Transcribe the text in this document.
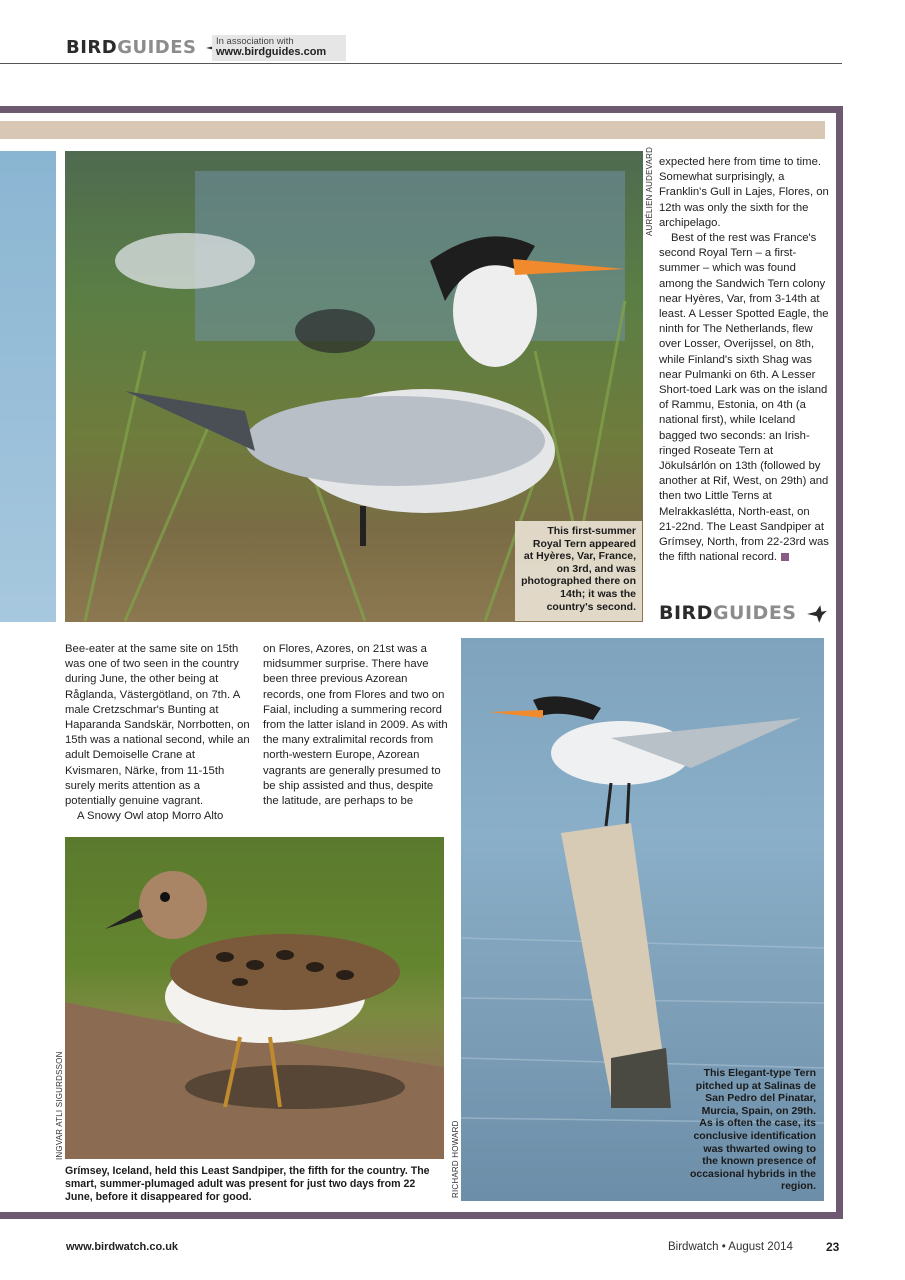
BIRDGUIDES	In association with
www.birdguides.com
This first-summer Royal Tern appeared at Hyères, Var, France, on 3rd, and was photographed there on 14th; it was the country's second.
AURÉLIEN AUDEVARD expected here from time to time. Somewhat surprisingly, a Franklin's Gull in Lajes, Flores, on 12th was only the sixth for the archipelago.

Best of the rest was France's second Royal Tern – a first-summer – which was found among the Sandwich Tern colony near Hyères, Var, from 3-14th at least. A Lesser Spotted Eagle, the ninth for The Netherlands, flew over Losser, Overijssel, on 8th, while Finland's sixth Shag was near Pulmanki on 6th. A Lesser Short-toed Lark was on the island of Rammu, Estonia, on 4th (a national first), while Iceland bagged two seconds: an Irish-ringed Roseate Tern at Jökulsárlón on 13th (followed by another at Rif, West, on 29th) and then two Little Terns at Melrakkaslétta, North-east, on 21-22nd. The Least Sandpiper at Grímsey, North, from 22-23rd was the fifth national record.

BIRDGUIDES

Bee-eater at the same site on 15th was one of two seen in the country during June, the other being at Råglanda, Västergötland, on 7th. A male Cretzschmar's Bunting at Haparanda Sandskär, Norrbotten, on 15th was a national second, while an adult Demoiselle Crane at Kvismaren, Närke, from 11-15th surely merits attention as a potentially genuine vagrant.

A Snowy Owl atop Morro Alto

on Flores, Azores, on 21st was a midsummer surprise. There have been three previous Azorean records, one from Flores and two on Faial, including a summering record from the latter island in 2009. As with the many extralimital records from north-western Europe, Azorean vagrants are generally presumed to be ship assisted and thus, despite the latitude, are perhaps to be

This Elegant-type Tern pitched up at Salinas de San Pedro del Pinatar, Murcia, Spain, on 29th. As is often the case, its conclusive identification was thwarted owing to the known presence of occasional hybrids in the region.
RICHARD HOWARD
INGVAR ATLI SIGURDSSON
Grímsey, Iceland, held this Least Sandpiper, the fifth for the country. The smart, summer-plumaged adult was present for just two days from 22 June, before it disappeared for good.
www.birdwatch.co.uk	Birdwatch • August 2014	23
